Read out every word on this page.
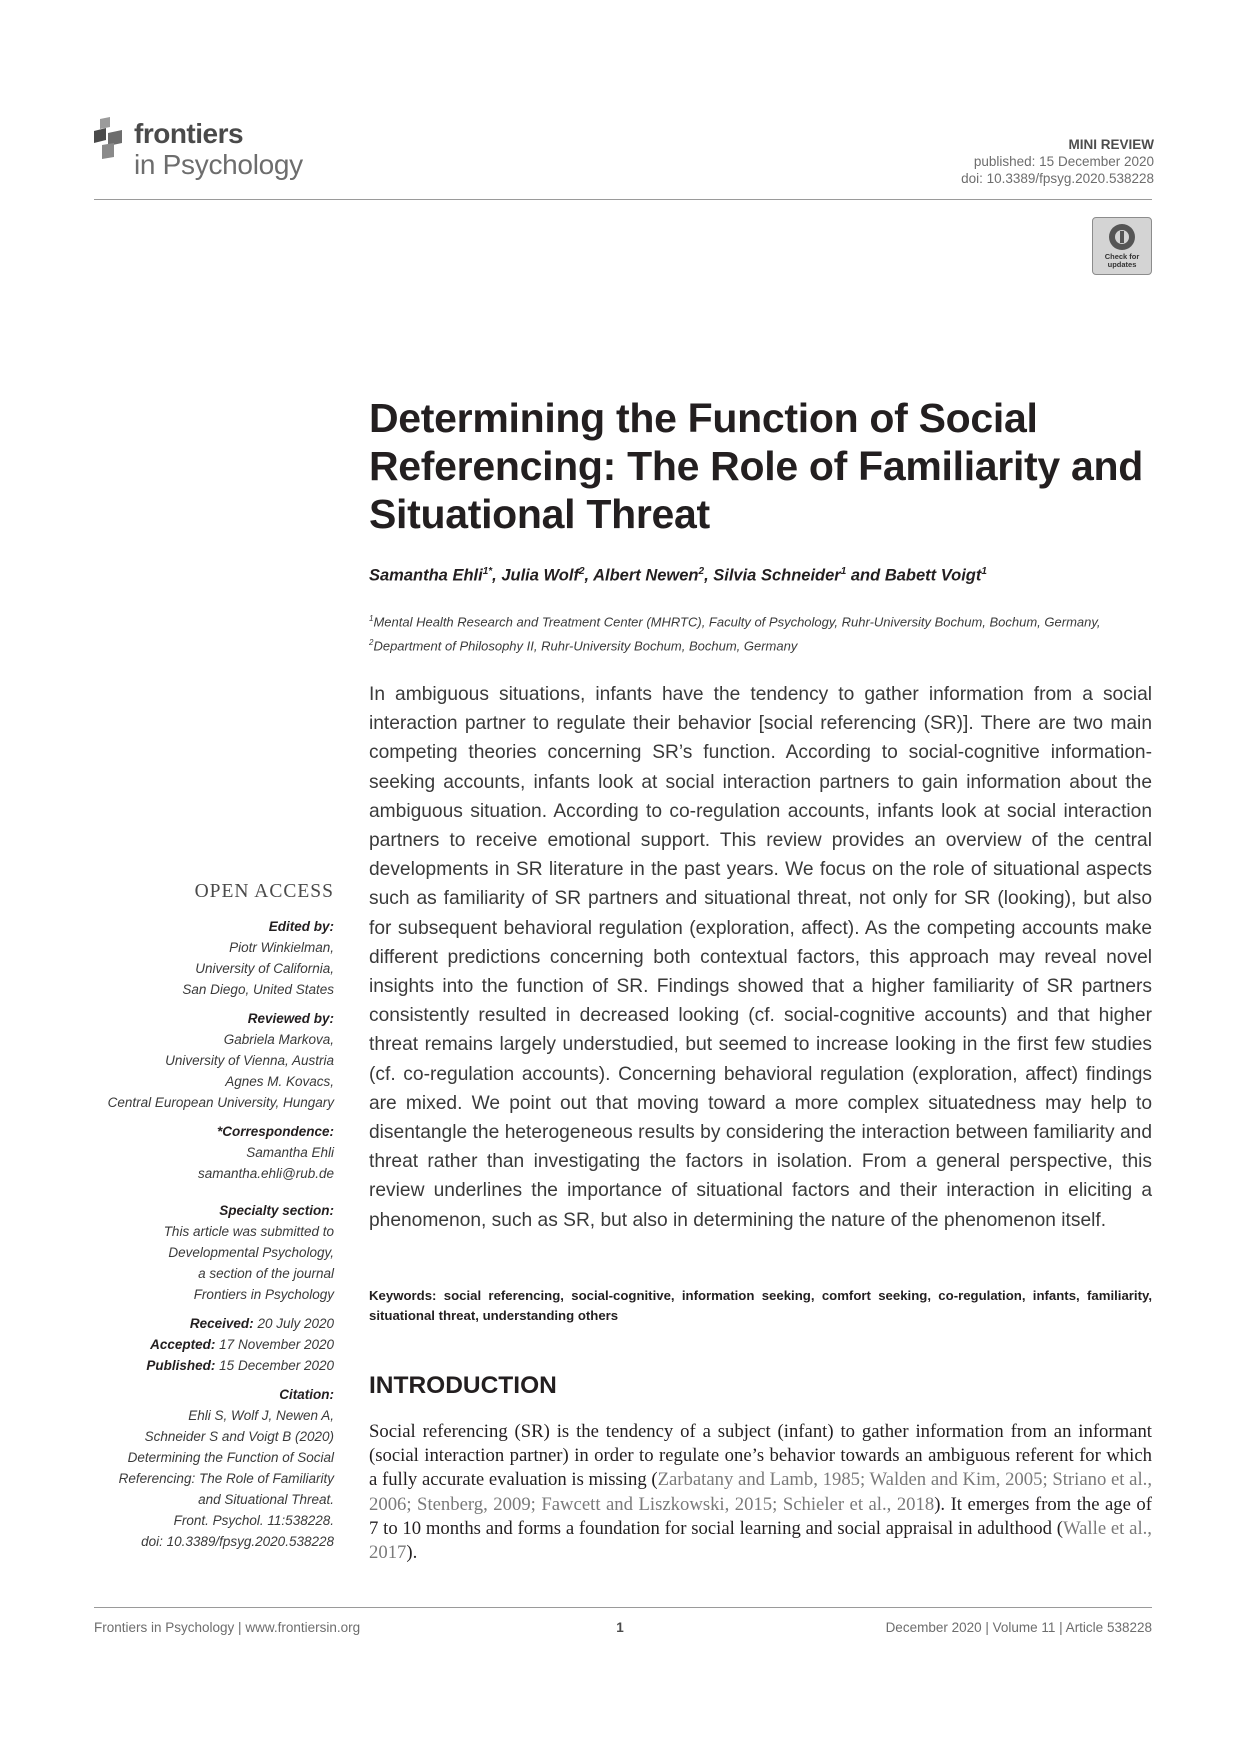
frontiers
in Psychology
MINI REVIEW
published: 15 December 2020
doi: 10.3389/fpsyg.2020.538228
Check for updates
Determining the Function of Social Referencing: The Role of Familiarity and Situational Threat
Samantha Ehli$^{1*}$, Julia Wolf$^2$, Albert Newen$^2$, Silvia Schneider$^1$ and Babett Voigt$^1$
$^1$Mental Health Research and Treatment Center (MHRTC), Faculty of Psychology, Ruhr-University Bochum, Bochum, Germany, $^2$Department of Philosophy II, Ruhr-University Bochum, Bochum, Germany
In ambiguous situations, infants have the tendency to gather information from a social interaction partner to regulate their behavior [social referencing (SR)]. There are two main competing theories concerning SR’s function. According to social-cognitive information-seeking accounts, infants look at social interaction partners to gain information about the ambiguous situation. According to co-regulation accounts, infants look at social interaction partners to receive emotional support. This review provides an overview of the central developments in SR literature in the past years. We focus on the role of situational aspects such as familiarity of SR partners and situational threat, not only for SR (looking), but also for subsequent behavioral regulation (exploration, affect). As the competing accounts make different predictions concerning both contextual factors, this approach may reveal novel insights into the function of SR. Findings showed that a higher familiarity of SR partners consistently resulted in decreased looking (cf. social-cognitive accounts) and that higher threat remains largely understudied, but seemed to increase looking in the first few studies (cf. co-regulation accounts). Concerning behavioral regulation (exploration, affect) findings are mixed. We point out that moving toward a more complex situatedness may help to disentangle the heterogeneous results by considering the interaction between familiarity and threat rather than investigating the factors in isolation. From a general perspective, this review underlines the importance of situational factors and their interaction in eliciting a phenomenon, such as SR, but also in determining the nature of the phenomenon itself.
Keywords: social referencing, social-cognitive, information seeking, comfort seeking, co-regulation, infants, familiarity, situational threat, understanding others
INTRODUCTION
Social referencing (SR) is the tendency of a subject (infant) to gather information from an informant (social interaction partner) in order to regulate one’s behavior towards an ambiguous referent for which a fully accurate evaluation is missing (Zarbatany and Lamb, 1985; Walden and Kim, 2005; Striano et al., 2006; Stenberg, 2009; Fawcett and Liszkowski, 2015; Schieler et al., 2018). It emerges from the age of 7 to 10 months and forms a foundation for social learning and social appraisal in adulthood (Walle et al., 2017).
OPEN ACCESS
Edited by:
Piotr Winkielman,
University of California,
San Diego, United States
Reviewed by:
Gabriela Markova,
University of Vienna, Austria
Agnes M. Kovacs,
Central European University, Hungary
*Correspondence:
Samantha Ehli
samantha.ehli@rub.de
Specialty section:
This article was submitted to
Developmental Psychology,
a section of the journal
Frontiers in Psychology
Received: 20 July 2020
Accepted: 17 November 2020
Published: 15 December 2020
Citation:
Ehli S, Wolf J, Newen A,
Schneider S and Voigt B (2020)
Determining the Function of Social
Referencing: The Role of Familiarity
and Situational Threat.
Front. Psychol. 11:538228.
doi: 10.3389/fpsyg.2020.538228
Frontiers in Psychology | www.frontiersin.org	1	December 2020 | Volume 11 | Article 538228
